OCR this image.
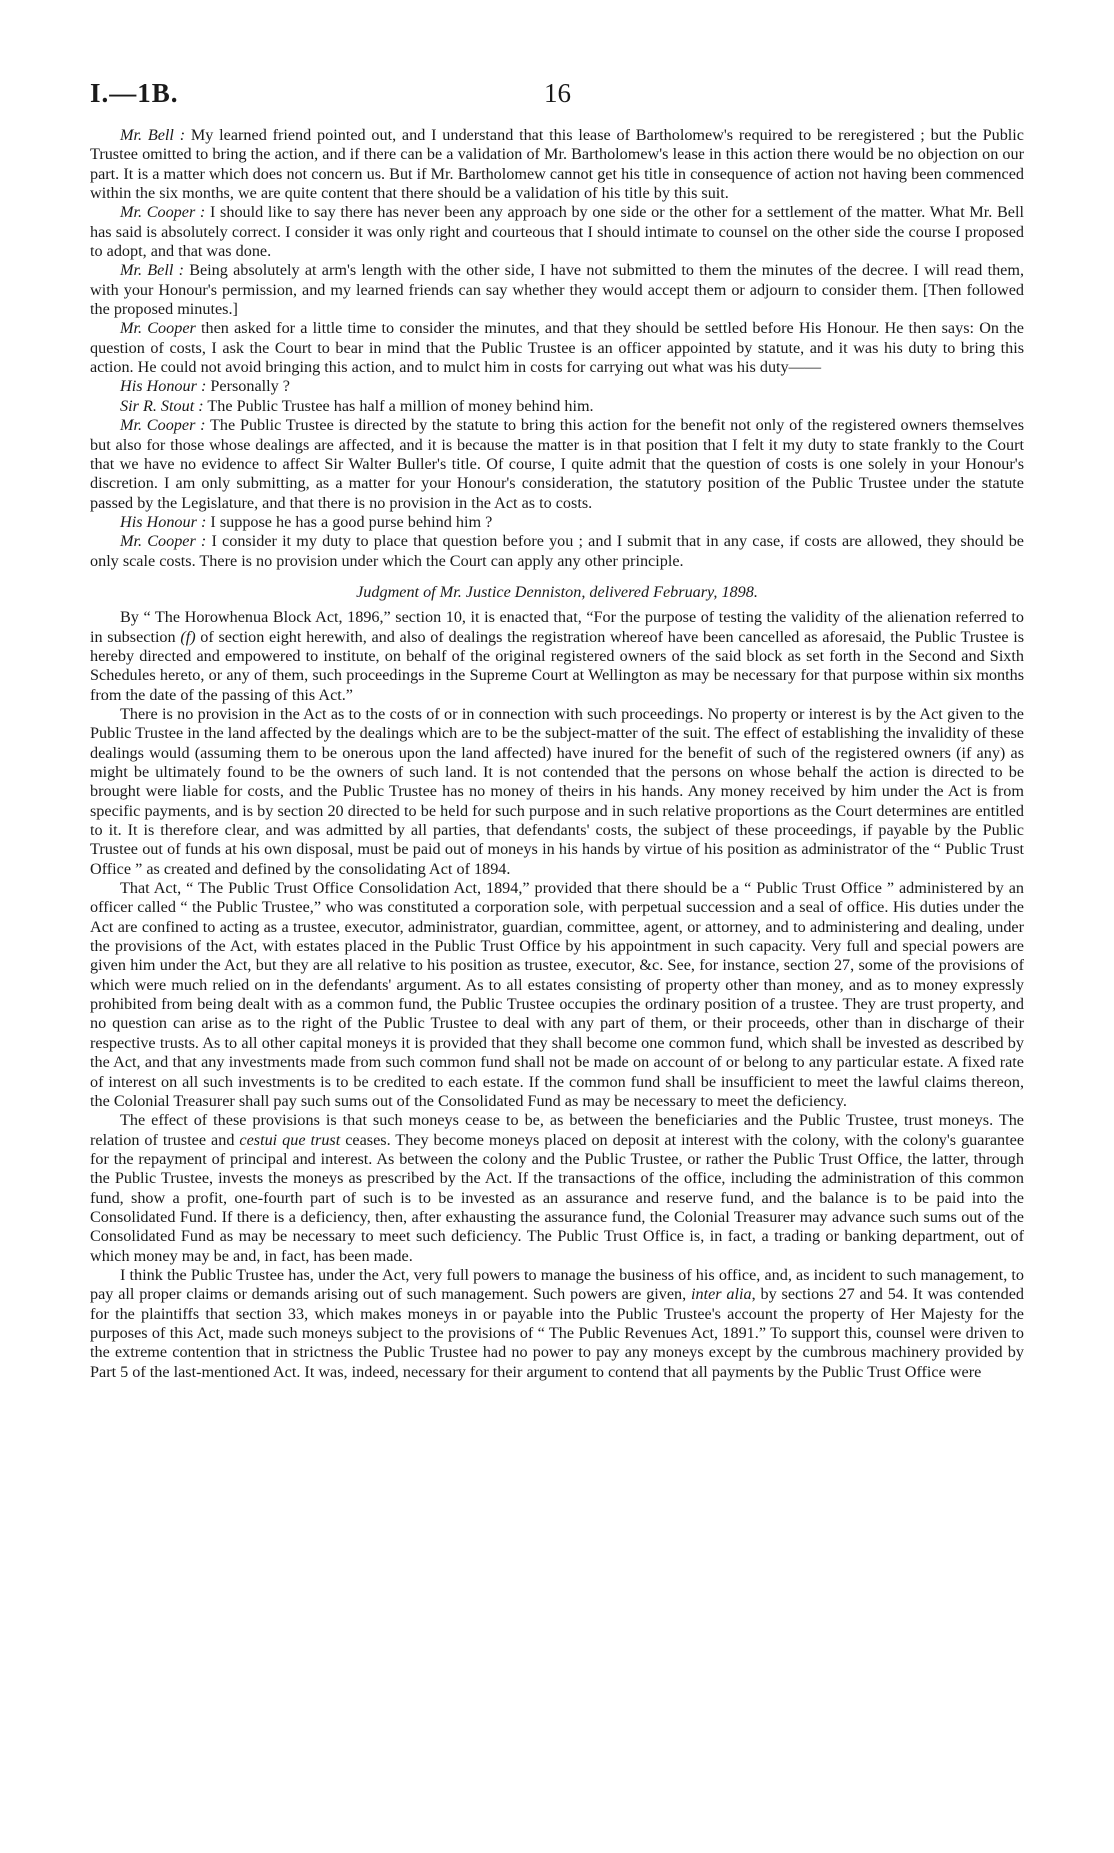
I.—1B.	16

Mr. Bell : My learned friend pointed out, and I understand that this lease of Bartholomew's required to be reregistered ; but the Public Trustee omitted to bring the action, and if there can be a validation of Mr. Bartholomew's lease in this action there would be no objection on our part. It is a matter which does not concern us. But if Mr. Bartholomew cannot get his title in consequence of action not having been commenced within the six months, we are quite content that there should be a validation of his title by this suit.

Mr. Cooper : I should like to say there has never been any approach by one side or the other for a settlement of the matter. What Mr. Bell has said is absolutely correct. I consider it was only right and courteous that I should intimate to counsel on the other side the course I proposed to adopt, and that was done.

Mr. Bell : Being absolutely at arm's length with the other side, I have not submitted to them the minutes of the decree. I will read them, with your Honour's permission, and my learned friends can say whether they would accept them or adjourn to consider them. [Then followed the proposed minutes.]

Mr. Cooper then asked for a little time to consider the minutes, and that they should be settled before His Honour. He then says: On the question of costs, I ask the Court to bear in mind that the Public Trustee is an officer appointed by statute, and it was his duty to bring this action. He could not avoid bringing this action, and to mulct him in costs for carrying out what was his duty——

His Honour : Personally ?

Sir R. Stout : The Public Trustee has half a million of money behind him.

Mr. Cooper : The Public Trustee is directed by the statute to bring this action for the benefit not only of the registered owners themselves but also for those whose dealings are affected, and it is because the matter is in that position that I felt it my duty to state frankly to the Court that we have no evidence to affect Sir Walter Buller's title. Of course, I quite admit that the question of costs is one solely in your Honour's discretion. I am only submitting, as a matter for your Honour's consideration, the statutory position of the Public Trustee under the statute passed by the Legislature, and that there is no provision in the Act as to costs.

His Honour : I suppose he has a good purse behind him ?

Mr. Cooper : I consider it my duty to place that question before you ; and I submit that in any case, if costs are allowed, they should be only scale costs. There is no provision under which the Court can apply any other principle.

Judgment of Mr. Justice Denniston, delivered February, 1898.

By “ The Horowhenua Block Act, 1896,” section 10, it is enacted that, “For the purpose of testing the validity of the alienation referred to in subsection (f) of section eight herewith, and also of dealings the registration whereof have been cancelled as aforesaid, the Public Trustee is hereby directed and empowered to institute, on behalf of the original registered owners of the said block as set forth in the Second and Sixth Schedules hereto, or any of them, such proceedings in the Supreme Court at Wellington as may be necessary for that purpose within six months from the date of the passing of this Act.”

There is no provision in the Act as to the costs of or in connection with such proceedings. No property or interest is by the Act given to the Public Trustee in the land affected by the dealings which are to be the subject-matter of the suit. The effect of establishing the invalidity of these dealings would (assuming them to be onerous upon the land affected) have inured for the benefit of such of the registered owners (if any) as might be ultimately found to be the owners of such land. It is not contended that the persons on whose behalf the action is directed to be brought were liable for costs, and the Public Trustee has no money of theirs in his hands. Any money received by him under the Act is from specific payments, and is by section 20 directed to be held for such purpose and in such relative proportions as the Court determines are entitled to it. It is therefore clear, and was admitted by all parties, that defendants' costs, the subject of these proceedings, if payable by the Public Trustee out of funds at his own disposal, must be paid out of moneys in his hands by virtue of his position as administrator of the “ Public Trust Office ” as created and defined by the consolidating Act of 1894.

That Act, “ The Public Trust Office Consolidation Act, 1894,” provided that there should be a “ Public Trust Office ” administered by an officer called “ the Public Trustee,” who was constituted a corporation sole, with perpetual succession and a seal of office. His duties under the Act are confined to acting as a trustee, executor, administrator, guardian, committee, agent, or attorney, and to administering and dealing, under the provisions of the Act, with estates placed in the Public Trust Office by his appointment in such capacity. Very full and special powers are given him under the Act, but they are all relative to his position as trustee, executor, &c. See, for instance, section 27, some of the provisions of which were much relied on in the defendants' argument. As to all estates consisting of property other than money, and as to money expressly prohibited from being dealt with as a common fund, the Public Trustee occupies the ordinary position of a trustee. They are trust property, and no question can arise as to the right of the Public Trustee to deal with any part of them, or their proceeds, other than in discharge of their respective trusts. As to all other capital moneys it is provided that they shall become one common fund, which shall be invested as described by the Act, and that any investments made from such common fund shall not be made on account of or belong to any particular estate. A fixed rate of interest on all such investments is to be credited to each estate. If the common fund shall be insufficient to meet the lawful claims thereon, the Colonial Treasurer shall pay such sums out of the Consolidated Fund as may be necessary to meet the deficiency.

The effect of these provisions is that such moneys cease to be, as between the beneficiaries and the Public Trustee, trust moneys. The relation of trustee and cestui que trust ceases. They become moneys placed on deposit at interest with the colony, with the colony's guarantee for the repayment of principal and interest. As between the colony and the Public Trustee, or rather the Public Trust Office, the latter, through the Public Trustee, invests the moneys as prescribed by the Act. If the transactions of the office, including the administration of this common fund, show a profit, one-fourth part of such is to be invested as an assurance and reserve fund, and the balance is to be paid into the Consolidated Fund. If there is a deficiency, then, after exhausting the assurance fund, the Colonial Treasurer may advance such sums out of the Consolidated Fund as may be necessary to meet such deficiency. The Public Trust Office is, in fact, a trading or banking department, out of which money may be and, in fact, has been made.

I think the Public Trustee has, under the Act, very full powers to manage the business of his office, and, as incident to such management, to pay all proper claims or demands arising out of such management. Such powers are given, inter alia, by sections 27 and 54. It was contended for the plaintiffs that section 33, which makes moneys in or payable into the Public Trustee's account the property of Her Majesty for the purposes of this Act, made such moneys subject to the provisions of “ The Public Revenues Act, 1891.” To support this, counsel were driven to the extreme contention that in strictness the Public Trustee had no power to pay any moneys except by the cumbrous machinery provided by Part 5 of the last-mentioned Act. It was, indeed, necessary for their argument to contend that all payments by the Public Trust Office were
